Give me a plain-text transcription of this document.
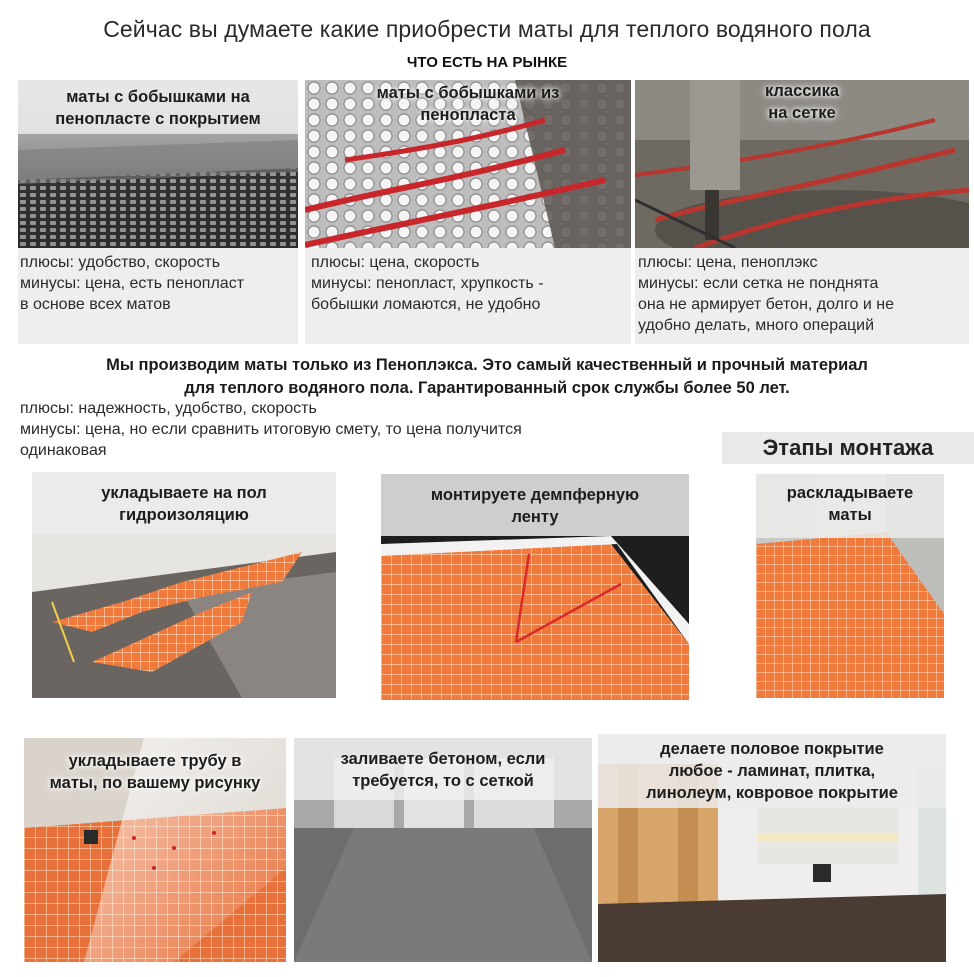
Сейчас вы думаете какие приобрести маты для теплого водяного пола
ЧТО ЕСТЬ НА РЫНКЕ
маты с бобышками на
пенопласте с покрытием
плюсы: удобство, скорость
минусы: цена, есть пенопласт
в основе всех матов
маты с бобышками из
пенопласта
плюсы: цена, скорость
минусы: пенопласт, хрупкость -
бобышки ломаются, не удобно
классика
на сетке
плюсы: цена, пеноплэкс
минусы: если сетка не понднята
она не армирует бетон, долго и не
удобно делать, много операций
Мы производим маты только из Пеноплэкса. Это самый качественный и прочный материал
для теплого водяного пола. Гарантированный срок службы более 50 лет.
плюсы: надежность, удобство, скорость
минусы: цена, но если сравнить итоговую смету, то цена получится
одинаковая	Этапы монтажа
укладываете на пол
гидроизоляцию
монтируете демпферную
ленту
раскладываете
маты
укладываете трубу в
маты, по вашему рисунку
заливаете бетоном, если
требуется, то с сеткой
делаете половое покрытие
любое - ламинат, плитка,
линолеум, ковровое покрытие
